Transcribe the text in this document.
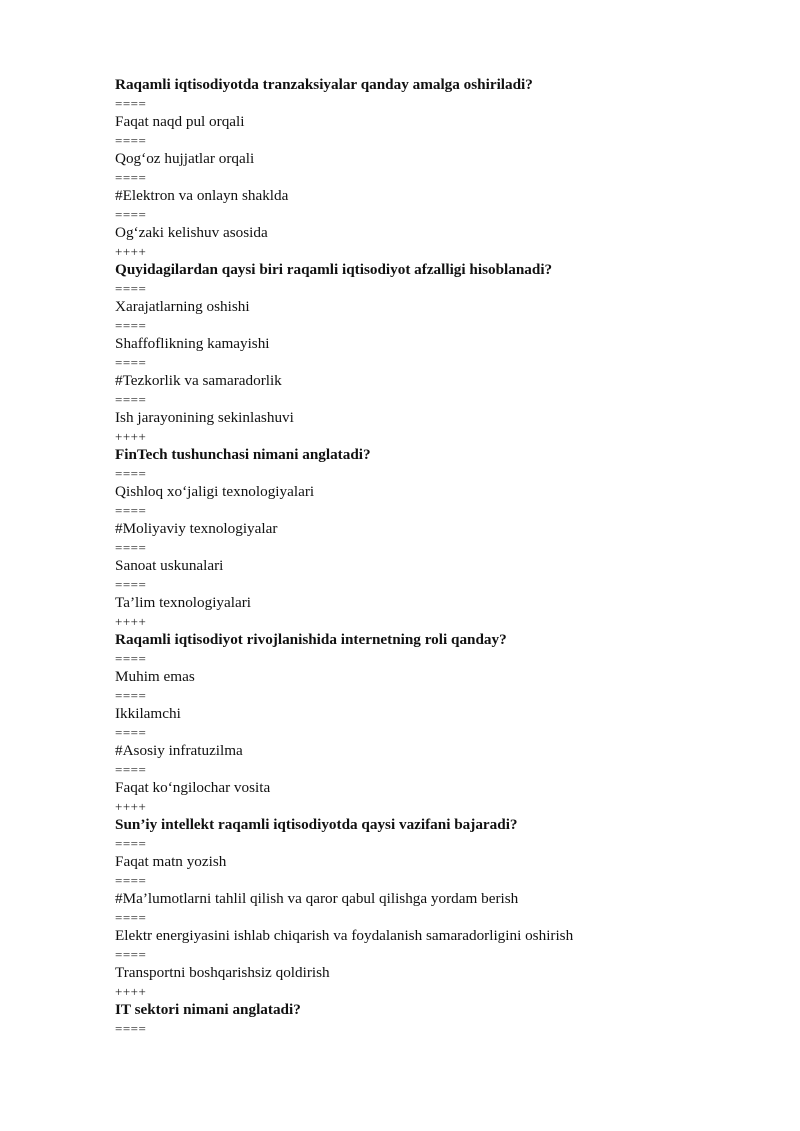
Raqamli iqtisodiyotda tranzaksiyalar qanday amalga oshiriladi?
====
Faqat naqd pul orqali
====
Qog‘oz hujjatlar orqali
====
#Elektron va onlayn shaklda
====
Og‘zaki kelishuv asosida
++++
Quyidagilardan qaysi biri raqamli iqtisodiyot afzalligi hisoblanadi?
====
Xarajatlarning oshishi
====
Shaffoflikning kamayishi
====
#Tezkorlik va samaradorlik
====
Ish jarayonining sekinlashuvi
++++
FinTech tushunchasi nimani anglatadi?
====
Qishloq xo‘jaligi texnologiyalari
====
#Moliyaviy texnologiyalar
====
Sanoat uskunalari
====
Ta’lim texnologiyalari
++++
Raqamli iqtisodiyot rivojlanishida internetning roli qanday?
====
Muhim emas
====
Ikkilamchi
====
#Asosiy infratuzilma
====
Faqat ko‘ngilochar vosita
++++
Sun’iy intellekt raqamli iqtisodiyotda qaysi vazifani bajaradi?
====
Faqat matn yozish
====
#Ma’lumotlarni tahlil qilish va qaror qabul qilishga yordam berish
====
Elektr energiyasini ishlab chiqarish va foydalanish samaradorligini oshirish
====
Transportni boshqarishsiz qoldirish
++++
IT sektori nimani anglatadi?
====
